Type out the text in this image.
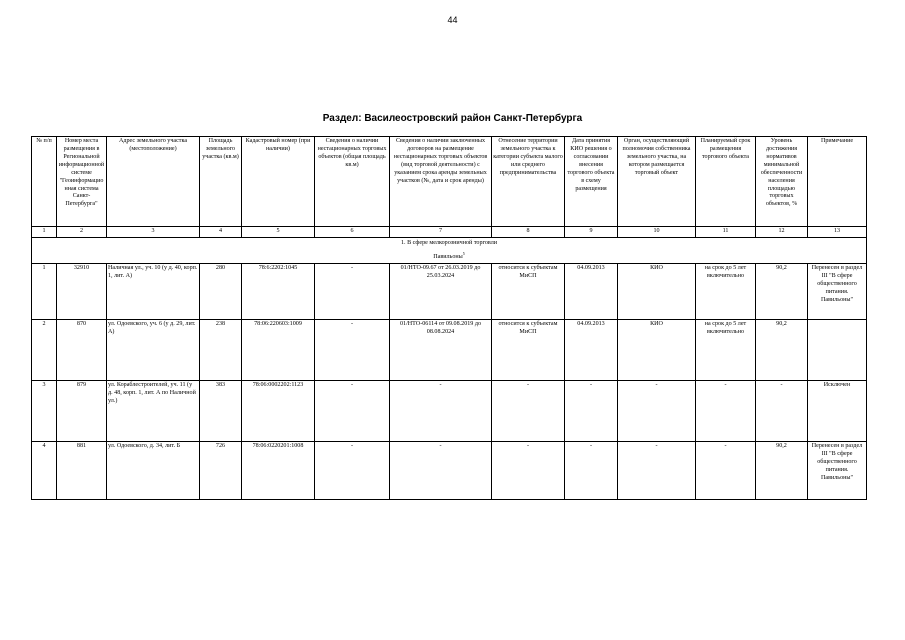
44
Раздел: Василеостровский район Санкт-Петербурга
№ п/п	Номер места размещения в Региональной информационной системе "Геоинформационная система Санкт-Петербурга"	Адрес земельного участка (местоположение)	Площадь земельного участка (кв.м)	Кадастровый номер (при наличии)	Сведения о наличии нестационарных торговых объектов (общая площадь кв.м)	Сведения о наличии заключенных договоров на размещение нестационарных торговых объектов (вид торговой деятельности) с указанием срока аренды земельных участков (№, дата и срок аренды)	Отнесение территории земельного участка к категории субъекта малого или среднего предпринимательства	Дата принятия КИО решения о согласовании внесения торгового объекта в схему размещения	Орган, осуществляющий полномочия собственника земельного участка, на котором размещается торговый объект	Планируемый срок размещения торгового объекта	Уровень достижения нормативов минимальной обеспеченности населения площадью торговых объектов, %	Примечание
1	2	3	4	5	6	7	8	9	10	11	12	13
1. В сфере мелкорозничной торговли												
Павильоны$^5$
1	32910	Наличная ул., уч. 10 (у д. 40, корп. 1, лит. А)	280	78:6:2202:1045	-	01/НТО-09.67 от 26.03.2019 до 25.03.2024	относится к субъектам МиСП	04.09.2013	КИО	на срок до 5 лет включительно	90,2	Перенесен в раздел III "В сфере общественного питания. Павильоны"
2	870	ул. Одоевского, уч. 6 (у д. 29, лит. А)	238	78:06:220603:1009	-	01/НТО-06114 от 09.08.2019 до 08.08.2024	относится к субъектам МиСП	04.09.2013	КИО	на срок до 5 лет включительно	90,2	
3	879	ул. Кораблестроителей, уч. 11 (у д. 48, корп. 1, лит. А по Наличной ул.)	383	78:06:0002202:1123	-	-	-	-	-	-	-	Исключен
4	881	ул. Одоевского, д. 34, лит. Б	726	78:06:0220201:1008	-	-	-	-	-	-	90,2	Перенесен в раздел III "В сфере общественного питания. Павильоны"
